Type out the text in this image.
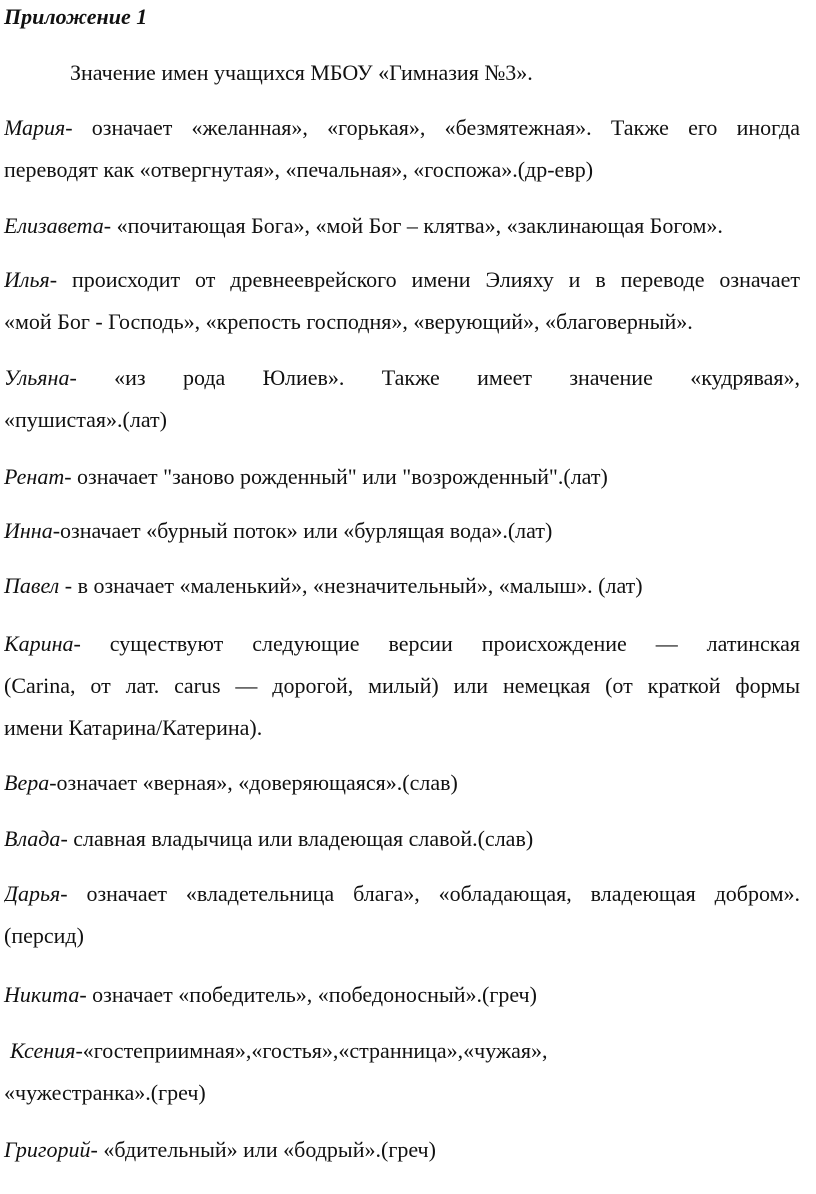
Приложение 1
Значение имен учащихся МБОУ «Гимназия №3».
Мария- означает «желанная», «горькая», «безмятежная». Также его иногда
переводят как «отвергнутая», «печальная», «госпожа».(др-евр)
Елизавета- «почитающая Бога», «мой Бог – клятва», «заклинающая Богом».
Илья- происходит от древнееврейского имени Элияху и в переводе означает
«мой Бог - Господь», «крепость господня», «верующий», «благоверный».
Ульяна- «из рода Юлиев». Также имеет значение «кудрявая»,
«пушистая».(лат)
Ренат- означает "заново рожденный" или "возрожденный".(лат)
Инна-означает «бурный поток» или «бурлящая вода».(лат)
Павел - в означает «маленький», «незначительный», «малыш». (лат)
Карина- существуют следующие версии происхождение — латинская
(Carina, от лат. carus — дорогой, милый) или немецкая (от краткой формы
имени Катарина/Катерина).
Вера-означает «верная», «доверяющаяся».(слав)
Влада- славная владычица или владеющая славой.(слав)
Дарья- означает «владетельница блага», «обладающая, владеющая добром».
(персид)
Никита- означает «победитель», «победоносный».(греч)
Ксения-«гостеприимная»,«гостья»,«странница»,«чужая»,
«чужестранка».(греч)
Григорий- «бдительный» или «бодрый».(греч)
